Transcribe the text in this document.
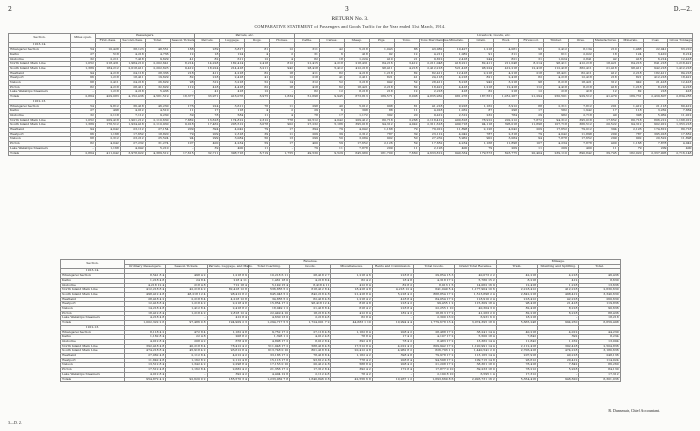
2	3	D.—2.
RETURN No. 3.
COMPARATIVE STATEMENT of Passengers and Goods Traffic for the Year ended 31st March, 1914.
Section.	Miles open.	Passengers.				Parcels, etc.				Livestock, Goods, etc.																
		First-class.	Second-class.	Total.	Season Tickets.	Parcels.	Luggage.	Dogs.	Horses.	Cattle.	Calves.	Sheep.	Pigs.	Tons.	Tons Merchandise.	Minerals.	Grain.	Wool.	Firewood.	Timber.	Ores.	Manufactures.	Minerals.	Coal.	Gross Tonnage.	
1913-14.																										
Whangarei Section	54	10,428	38,123	48,551	188	239	3,817	81	12	311	42	5,218	1,043	86	43,082	10,427	1,218	4,081	93	2,412	8,134	210	1,488	22,041	63,210	
Kaihu	27	518	4,218	4,736	12	18	124	4	2	31	6	418	92	12	4,211	1,082	91	311	18	611	2,022	18	124	3,410	8,214	
Gisborne	32	2,211	7,418	9,629	41	82	611	12	4	82	18	1,224	410	21	9,812	2,418	244	821	31	1,024	2,841	42	418	6,214	12,418	
North Island Main Line	1,052	218,431	1,984,210	2,202,641	8,214	14,228	182,414	2,418	812	21,415	4,218	218,431	84,216	3,412	2,211,048	418,221	82,411	211,048	8,214	98,411	412,218	18,421	84,216	841,218	1,218,421	
South Island Main Line	1,389	184,212	2,018,411	2,202,623	9,412	18,224	214,418	3,211	942	28,418	5,412	412,218	98,411	4,218	2,412,218	521,418	98,224	412,218	12,418	112,418	382,411	21,418	98,411	942,218	1,412,218	
Westland	94	4,218	24,118	28,336	218	411	4,218	82	18	411	82	4,218	1,218	82	82,411	12,418	2,218	4,218	218	18,421	82,411	412	2,218	182,411	84,218	
Westport	66	1,218	18,411	19,629	82	218	2,418	41	12	218	41	2,411	821	41	24,118	4,218	821	2,418	82	4,218	12,418	218	821	412,218	18,421	
Nelson	68	2,411	24,218	26,629	98	312	3,218	52	14	312	52	3,218	942	52	28,411	6,218	942	3,218	98	8,218	18,421	312	942	21,418	12,418	
Picton	82	4,218	28,411	32,629	112	418	4,418	62	18	418	62	18,421	2,218	62	18,421	4,418	1,218	12,418	112	4,418	8,218	418	1,218	8,218	4,218	
Lake Wakatipu Steamers	–	1,218	4,218	5,436	–	41	418	12	–	82	12	8,218	218	12	2,218	418	82	218	12	218	418	12	82	218	418	
Totals	2,864	429,083	4,152,436	4,581,519	18,377	33,971	416,076	6,975	1,834	51,698	9,945	673,813	189,571	8,008	4,835,962	981,276	187,551	1,051,267	21,294	250,501	929,512	41,479	189,731	2,439,607	2,834,255	
1912-13.																										
Whangarei Section	54	9,812	36,418	46,230	176	224	3,611	76	11	298	40	5,012	998	81	41,218	9,918	1,162	3,912	88	2,311	7,812	201	1,412	21,118	60,412	
Kaihu	27	498	4,012	4,510	11	17	118	4	2	29	6	398	88	11	4,018	1,032	87	298	17	582	1,942	17	118	3,262	7,884	
Gisborne	32	2,118	7,112	9,230	39	78	584	11	4	78	17	1,172	392	20	9,412	2,312	232	784	29	982	2,718	40	398	5,962	11,912	
North Island Main Line	1,052	209,418	1,901,212	2,110,630	7,882	13,618	174,812	2,312	778	20,512	4,042	209,412	80,718	3,268	2,118,412	400,818	78,912	202,212	7,872	94,312	395,018	17,652	80,718	806,212	1,168,012	
South Island Main Line	1,389	176,512	1,934,418	2,110,930	9,018	17,462	205,512	3,078	902	27,232	5,186	395,018	94,312	4,042	2,311,618	499,718	94,118	395,018	11,898	107,718	366,512	20,522	94,312	902,912	1,353,218	
Westland	94	4,042	23,112	27,154	209	394	4,042	79	17	394	79	4,042	1,168	79	79,012	11,898	2,126	4,042	209	17,652	79,012	394	2,126	174,812	80,718	
Westport	66	1,168	17,652	18,820	79	209	2,318	39	11	209	39	2,312	787	39	23,112	4,042	787	2,318	79	4,042	11,898	209	787	395,018	17,652	
Nelson	68	2,312	23,212	25,524	94	299	3,084	50	13	299	50	3,084	902	50	27,232	5,962	902	3,084	94	7,878	17,652	299	902	20,522	11,898	
Picton	82	4,042	27,232	31,274	107	400	4,234	59	17	400	59	17,652	2,126	59	17,652	4,234	1,168	11,898	107	4,234	7,878	400	1,168	7,878	4,042	
Lake Wakatipu Steamers	–	1,168	4,042	5,210	–	39	400	11	–	79	11	7,878	209	11	2,126	400	79	209	11	209	400	11	79	209	400	
Totals	2,864	411,042	3,978,922	4,389,512	17,615	32,711	398,716	6,719	1,755	49,530	9,529	645,980	181,700	7,660	4,633,812	940,334	179,573	623,775	20,404	239,110	890,842	39,745	182,020	2,337,905	2,716,148	
Section.	Revenue.									Mileage.		
	Ordinary Passengers.	Season Tickets.	Parcels, Luggage, and Mails.	Total Coaching.	Goods.	Miscellaneous.	Rents and Commission.	Total Goods.	Grand Total Revenue.	Train.	Shunting and Splitting.	Total.
1913-14.												
Whangarei Section	8,541 8 4	498 4 2	1,218 8 9	10,218 6 11	28,418 2 7	1,218 4 6	218 8 2	29,854 15 3	40,073 2 2	42,218	4,218	46,436
Kaihu	1,218 4 8	24 8 4	218 4 11	1,461 18 0	4,218 8 4	82 4 2	18 4 8	4,318 17 2	5,780 15 2	8,218	412	8,630
Gisborne	4,218 12 4	218 4 8	712 18 4	5,149 15 4	8,418 4 11	412 8 4	82 8 2	8,913 1 5	14,062 16 9	12,418	1,218	13,636
North Island Main Line	412,218 8 4	42,218 4 2	82,418 12 8	536,855 5 2	618,412 8 4	18,418 4 8	4,218 12 4	641,049 5 4	1,177,904 10 6	2,218,412	412,218	2,630,630
South Island Main Line	498,412 4 8	48,218 12 4	98,412 8 2	645,043 5 2	842,218 4 8	21,418 8 4	5,218 4 2	868,854 17 2	1,513,898 2 4	2,842,218	498,412	3,340,630
Westland	28,418 4 2	2,218 8 4	4,218 12 8	34,855 5 2	82,418 4 8	1,218 4 2	418 8 4	84,054 17 2	118,910 2 4	218,412	42,218	260,630
Westport	12,418 8 4	1,218 4 2	2,218 4 8	15,854 17 2	98,418 12 4	818 4 8	218 4 2	99,455 1 2	115,309 18 4	98,418	21,418	119,836
Nelson	14,218 4 8	1,412 8 4	2,418 8 2	18,049 1 2	21,418 8 4	618 4 2	218 8 4	22,255 1 10	40,304 3 0	82,418	8,218	90,636
Picton	18,412 8 4	1,218 4 2	2,818 12 4	22,449 4 10	18,218 4 8	412 8 4	182 4 2	18,813 17 2	41,263 2 0	82,218	6,218	88,436
Lake Wakatipu Steamers	4,218 4 8	–	412 8 4	4,630 13 0	2,218 4 8	82 8 4	–	2,300 13 0	6,931 6 0	18,218	–	18,218
Totals	1,002,322 2 6	97,486 0 8	194,909 2 3	1,294,717 5 5	1,724,001 7 2	44,683 1 10	10,994 4 4	1,779,678 13 4	3,074,395 18 9	5,665,248	994,250	6,659,498
1912-13.												
Whangarei Section	8,118 4 2	472 8 4	1,162 4 8	9,752 17 2	27,118 4 8	1,162 8 4	208 4 2	28,488 17 2	38,241 14 4	40,218	4,012	44,230
Kaihu	1,162 8 4	22 4 8	208 8 2	1,393 1 2	4,012 4 8	78 8 4	17 4 2	4,107 17 2	5,500 18 4	7,842	392	8,234
Gisborne	4,012 8 4	208 4 2	678 4 8	4,898 17 2	8,012 8 4	392 4 8	78 4 2	8,483 17 2	13,382 14 4	11,842	1,162	13,004
North Island Main Line	392,418 4 8	40,218 8 4	78,412 4 2	511,048 17 2	588,418 4 8	17,512 8 4	4,012 4 2	609,942 17 2	1,120,991 14 4	2,112,418	392,418	2,504,836
South Island Main Line	474,218 8 4	45,918 4 2	93,612 8 4	613,748 0 10	801,418 8 4	20,412 4 8	4,962 8 2	826,793 1 2	1,440,541 2 0	2,706,418	474,218	3,180,636
Westland	27,062 4 8	2,112 8 4	4,012 4 2	33,186 17 2	78,418 8 4	1,162 4 2	398 4 8	79,978 17 2	113,165 14 4	207,918	40,218	248,136
Westport	11,842 4 8	1,162 8 2	2,112 4 8	15,116 17 6	93,612 4 8	778 4 2	208 8 4	94,598 17 2	109,715 14 8	93,612	20,412	114,024
Nelson	13,512 8 4	1,342 4 2	2,298 8 4	17,153 0 10	20,412 4 8	588 8 4	208 4 2	21,208 17 2	38,361 18 0	78,418	7,842	86,260
Picton	17,512 4 8	1,162 8 4	2,682 4 2	21,356 17 2	17,312 8 4	392 4 2	172 8 4	17,877 0 10	39,233 18 0	78,212	5,918	84,130
Lake Wakatipu Steamers	4,012 8 4	–	392 4 2	4,404 12 6	2,112 4 8	78 4 2	–	2,190 8 10	6,595 1 4	17,312	–	17,312
Totals	954,872 4 2	92,620 0 2	185,570 3 4	1,233,062 7 8	1,640,846 0 8	42,556 6 8	10,267 1 2	1,693,669 8 6	2,926,731 16 2	5,354,416	946,620	6,301,036
R. Dunsmuir, Chief Accountant.
3—D. 2.
